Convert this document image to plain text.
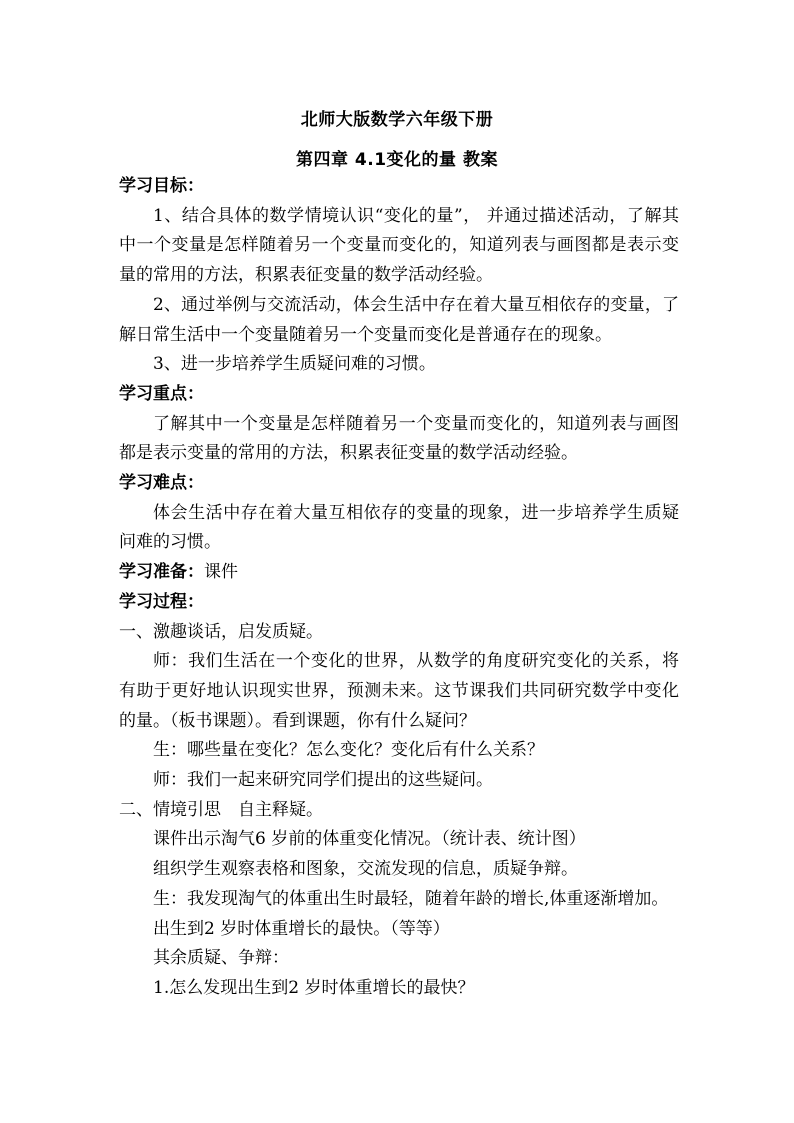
北师大版数学六年级下册
第四章 4.1变化的量 教案

学习目标：

1、结合具体的数学情境认识“变化的量”， 并通过描述活动，了解其中一个变量是怎样随着另一个变量而变化的，知道列表与画图都是表示变量的常用的方法，积累表征变量的数学活动经验。

2、通过举例与交流活动，体会生活中存在着大量互相依存的变量，了解日常生活中一个变量随着另一个变量而变化是普通存在的现象。

3、进一步培养学生质疑问难的习惯。

学习重点：

了解其中一个变量是怎样随着另一个变量而变化的，知道列表与画图都是表示变量的常用的方法，积累表征变量的数学活动经验。

学习难点：

体会生活中存在着大量互相依存的变量的现象，进一步培养学生质疑问难的习惯。

学习准备：课件

学习过程：

一、激趣谈话，启发质疑。

师：我们生活在一个变化的世界，从数学的角度研究变化的关系，将有助于更好地认识现实世界，预测未来。这节课我们共同研究数学中变化的量。（板书课题）。看到课题，你有什么疑问？

生：哪些量在变化？怎么变化？变化后有什么关系？

师：我们一起来研究同学们提出的这些疑问。

二、情境引思　自主释疑。

课件出示淘气6 岁前的体重变化情况。（统计表、统计图）

组织学生观察表格和图象，交流发现的信息，质疑争辩。

生：我发现淘气的体重出生时最轻，随着年龄的增长,体重逐渐增加。

出生到2 岁时体重增长的最快。（等等）

其余质疑、争辩：

1.怎么发现出生到2 岁时体重增长的最快？
